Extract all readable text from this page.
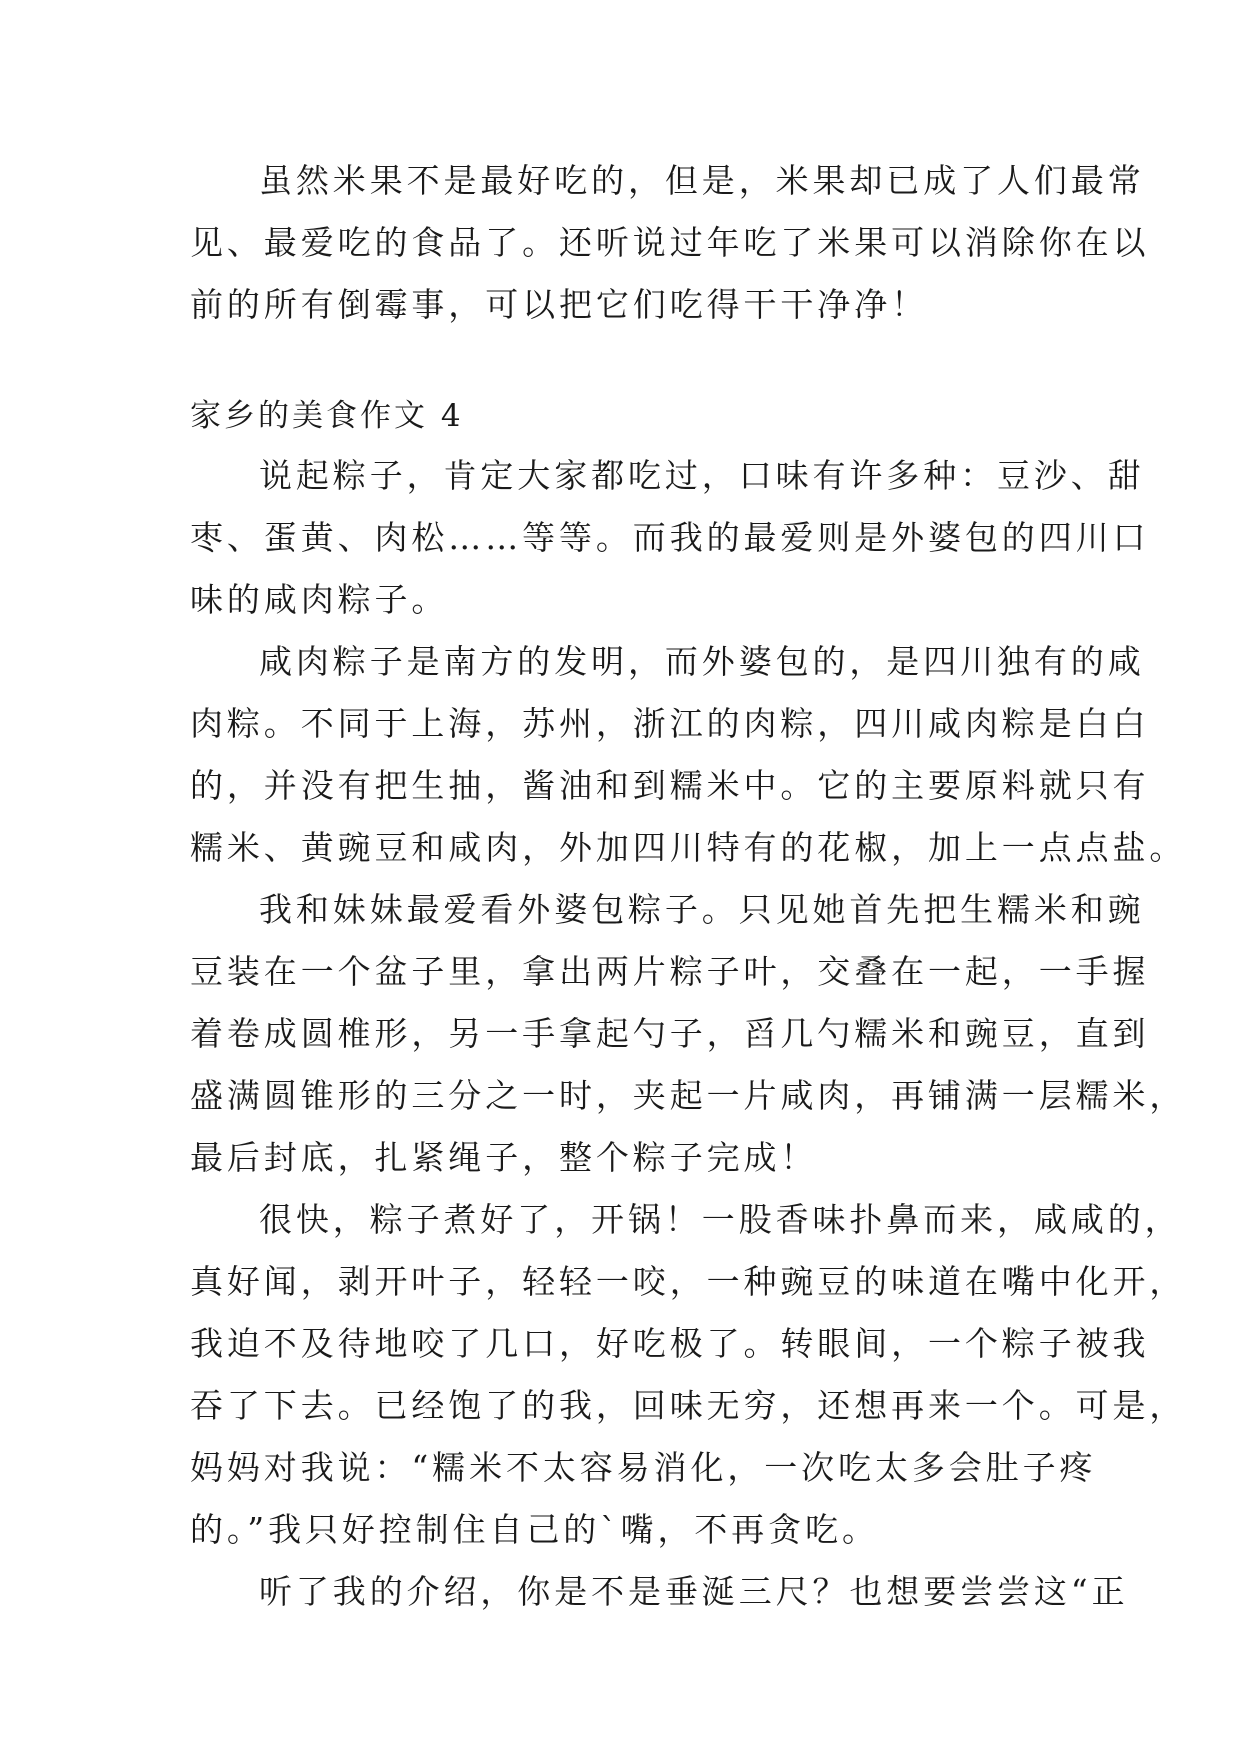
虽然米果不是最好吃的，但是，米果却已成了人们最常
见、最爱吃的食品了。还听说过年吃了米果可以消除你在以
前的所有倒霉事，可以把它们吃得干干净净！
家乡的美食作文 4
说起粽子，肯定大家都吃过，口味有许多种：豆沙、甜
枣、蛋黄、肉松……等等。而我的最爱则是外婆包的四川口
味的咸肉粽子。
咸肉粽子是南方的发明，而外婆包的，是四川独有的咸
肉粽。不同于上海，苏州，浙江的肉粽，四川咸肉粽是白白
的，并没有把生抽，酱油和到糯米中。它的主要原料就只有
糯米、黄豌豆和咸肉，外加四川特有的花椒，加上一点点盐。
我和妹妹最爱看外婆包粽子。只见她首先把生糯米和豌
豆装在一个盆子里，拿出两片粽子叶，交叠在一起，一手握
着卷成圆椎形，另一手拿起勺子，舀几勺糯米和豌豆，直到
盛满圆锥形的三分之一时，夹起一片咸肉，再铺满一层糯米，
最后封底，扎紧绳子，整个粽子完成！
很快，粽子煮好了，开锅！一股香味扑鼻而来，咸咸的，
真好闻，剥开叶子，轻轻一咬，一种豌豆的味道在嘴中化开，
我迫不及待地咬了几口，好吃极了。转眼间，一个粽子被我
吞了下去。已经饱了的我，回味无穷，还想再来一个。可是，
妈妈对我说：“糯米不太容易消化，一次吃太多会肚子疼
的。”我只好控制住自己的`嘴，不再贪吃。
听了我的介绍，你是不是垂涎三尺？也想要尝尝这“正
